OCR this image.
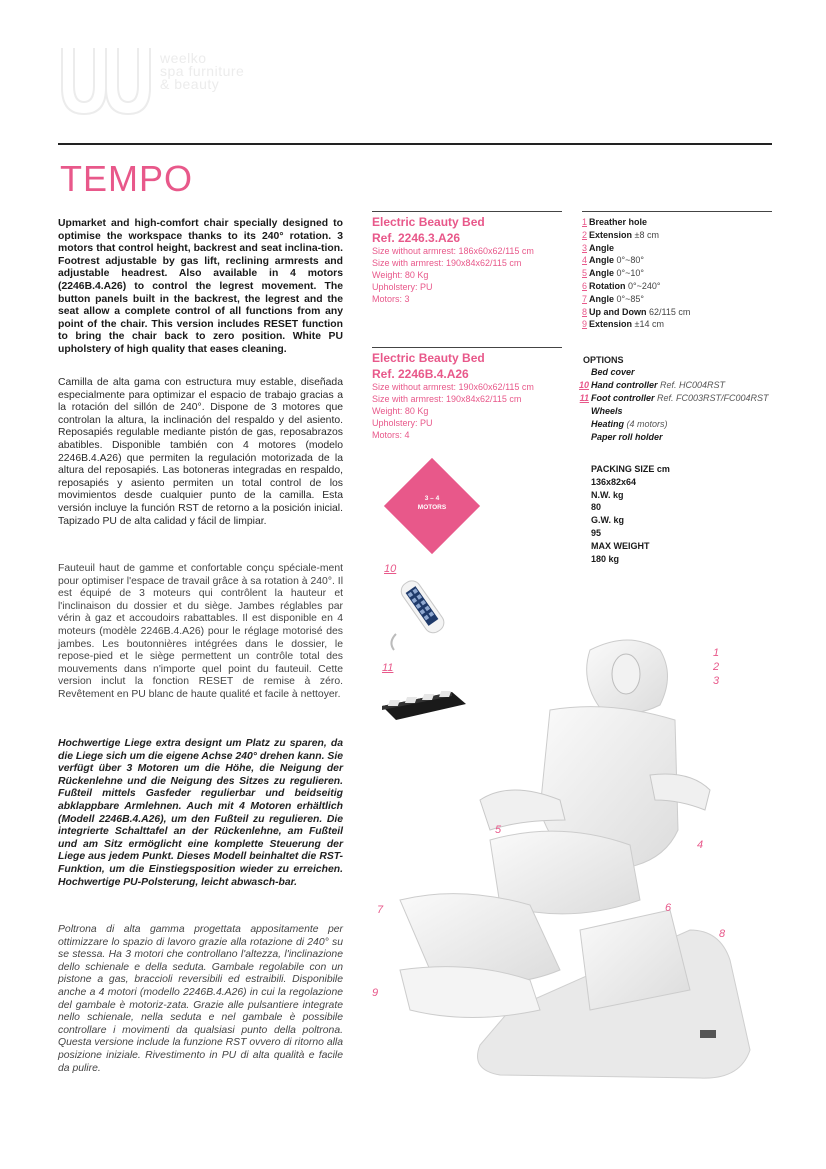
weelko
spa furniture
& beauty
TEMPO
Upmarket and high-comfort chair specially designed to optimise the workspace thanks to its 240° rotation. 3 motors that control height, backrest and seat inclina-tion. Footrest adjustable by gas lift, reclining armrests and adjustable headrest. Also available in 4 motors (2246B.4.A26) to control the legrest movement. The button panels built in the backrest, the legrest and the seat allow a complete control of all functions from any point of the chair. This version includes RESET function to bring the chair back to zero position. White PU upholstery of high quality that eases cleaning.
Camilla de alta gama con estructura muy estable, diseñada especialmente para optimizar el espacio de trabajo gracias a la rotación del sillón de 240°. Dispone de 3 motores que controlan la altura, la inclinación del respaldo y del asiento. Reposapiés regulable mediante pistón de gas, reposabrazos abatibles. Disponible también con 4 motores (modelo 2246B.4.A26) que permiten la regulación motorizada de la altura del reposapiés. Las botoneras integradas en respaldo, reposapiés y asiento permiten un total control de los movimientos desde cualquier punto de la camilla. Esta versión incluye la función RST de retorno a la posición inicial. Tapizado PU de alta calidad y fácil de limpiar.
Fauteuil haut de gamme et confortable conçu spéciale-ment pour optimiser l'espace de travail grâce à sa rotation à 240°. Il est équipé de 3 moteurs qui contrôlent la hauteur et l'inclinaison du dossier et du siège. Jambes réglables par vérin à gaz et accoudoirs rabattables. Il est disponible en 4 moteurs (modèle 2246B.4.A26) pour le réglage motorisé des jambes. Les boutonnières intégrées dans le dossier, le repose-pied et le siège permettent un contrôle total des mouvements dans n'importe quel point du fauteuil. Cette version inclut la fonction RESET de remise à zéro. Revêtement en PU blanc de haute qualité et facile à nettoyer.
Hochwertige Liege extra designt um Platz zu sparen, da die Liege sich um die eigene Achse 240° drehen kann. Sie verfügt über 3 Motoren um die Höhe, die Neigung der Rückenlehne und die Neigung des Sitzes zu regulieren. Fußteil mittels Gasfeder regulierbar und beidseitig abklappbare Armlehnen. Auch mit 4 Motoren erhältlich (Modell 2246B.4.A26), um den Fußteil zu regulieren. Die integrierte Schalttafel an der Rückenlehne, am Fußteil und am Sitz ermöglicht eine komplette Steuerung der Liege aus jedem Punkt. Dieses Modell beinhaltet die RST-Funktion, um die Einstiegsposition wieder zu erreichen. Hochwertige PU-Polsterung, leicht abwasch-bar.
Poltrona di alta gamma progettata appositamente per ottimizzare lo spazio di lavoro grazie alla rotazione di 240° su se stessa. Ha 3 motori che controllano l'altezza, l'inclinazione dello schienale e della seduta. Gambale regolabile con un pistone a gas, braccioli reversibili ed estraibili. Disponibile anche a 4 motori (modello 2246B.4.A26) in cui la regolazione del gambale è motoriz-zata. Grazie alle pulsantiere integrate nello schienale, nella seduta e nel gambale è possibile controllare i movimenti da qualsiasi punto della poltrona. Questa versione include la funzione RST ovvero di ritorno alla posizione iniziale. Rivestimento in PU di alta qualità e facile da pulire.
Electric Beauty Bed
Ref. 2246.3.A26
Size without armrest: 186x60x62/115 cm
Size with armrest: 190x84x62/115 cm
Weight: 80 Kg
Upholstery: PU
Motors: 3
Electric Beauty Bed
Ref. 2246B.4.A26
Size without armrest: 190x60x62/115 cm
Size with armrest: 190x84x62/115 cm
Weight: 80 Kg
Upholstery: PU
Motors: 4
3 – 4
MOTORS
1 Breather hole
2 Extension ±8 cm
3 Angle
4 Angle 0°~80°
5 Angle 0°~10°
6 Rotation 0°~240°
7 Angle 0°~85°
8 Up and Down 62/115 cm
9 Extension ±14 cm
OPTIONS
Bed cover
10 Hand controller Ref. HC004RST
11 Foot controller Ref. FC003RST/FC004RST
Wheels
Heating (4 motors)
Paper roll holder
PACKING SIZE cm
136x82x64
N.W. kg
80
G.W. kg
95
MAX WEIGHT
180 kg
10
11
1
2
3
4
5
6
7
8
9
